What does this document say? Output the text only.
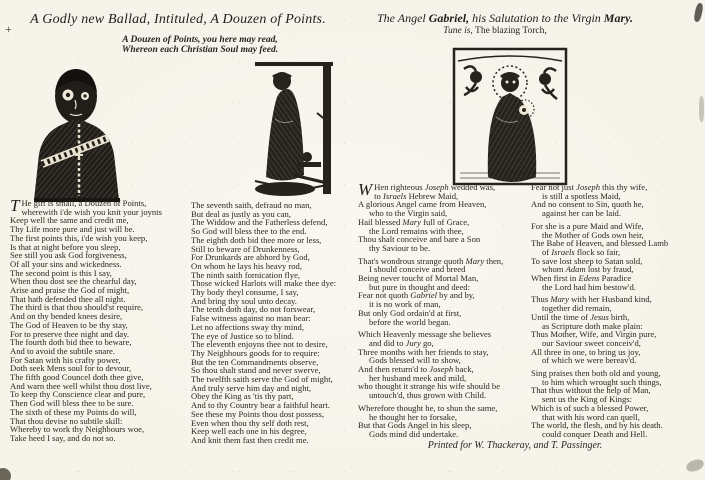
+
A Godly new Ballad, Intituled, A Douzen of Points.
A Douzen of Points, you here may read,
Whereon each Christian Soul may feed.
The Angel Gabriel, his Salutation to the Virgin Mary.
Tune is, The blazing Torch,
T He gift is small, a Douzen of Points,
wherewith i'de wish you knit your joynts
Keep well the same and credit me,
Thy Life more pure and just will be.
The first points this, i'de wish you keep,
Is that at night before you sleep,
See still you ask God forgiveness,
Of all your sins and wickedness.
The second point is this I say,
When thou dost see the chearful day,
Arise and praise the God of might,
That hath defended thee all night.
The third is that thou should'st require,
And on thy bended knees desire,
The God of Heaven to be thy stay,
For to preserve thee night and day.
The fourth doth bid thee to beware,
And to avoid the subtile snare.
For Satan with his crafty power,
Doth seek Mens soul for to devour,
The fifth good Councel doth thee give,
And warn thee well whilst thou dost live,
To keep thy Conscience clear and pure,
Then God will bless thee to be sure.
The sixth of these my Points do will,
That thou devise no subtile skill:
Whereby to work thy Neighbours woe,
Take heed I say, and do not so.
The seventh saith, defraud no man,
But deal as justly as you can,
The Widdow and the Fatherless defend,
So God will bless thee to the end.
The eighth doth bid thee more or less,
Still to beware of Drunkenness,
For Drunkards are abhord by God,
On whom he lays his heavy rod,
The ninth saith fornication flye,
Those wicked Harlots will make thee dye:
Thy body theyl consume, I say,
And bring thy soul unto decay.
The tenth doth day, do not forswear,
False witness against no man bear:
Let no affections sway thy mind,
The eye of Justice so to blind.
The eleventh enjoyns thee not to desire,
Thy Neighbours goods for to require:
But the ten Commandments observe,
So thou shalt stand and never swerve,
The twelfth saith serve the God of might,
And truly serve him day and night,
Obey the King as 'tis thy part,
And to thy Country bear a faithful heart.
See these my Points thou dost possess,
Even when thou thy self doth rest,
Keep well each one in his degree,
And knit them fast then credit me.
W Hen righteous Joseph wedded was,
to Israels Hebrew Maid,
A glorious Angel came from Heaven,
who to the Virgin said,
Hail blessed Mary full of Grace,
the Lord remains with thee,
Thou shalt conceive and bare a Son
thy Saviour to be.
That's wondrous strange quoth Mary then,
I should conceive and breed
Being never toucht of Mortal Man,
but pure in thought and deed:
Fear not quoth Gabriel by and by,
it is no work of man,
But only God ordain'd at first,
before the world began.
Which Heavenly message she believes
and did to Jury go,
Three months with her friends to stay,
Gods blessed will to show,
And then return'd to Joseph back,
her husband meek and mild,
who thought it strange his wife should be
untouch'd, thus grown with Child.
Wherefore thought he, to shun the same,
he thought her to forsake,
But that Gods Angel in his sleep,
Gods mind did undertake.
Fear not just Joseph this thy wife,
is still a spotless Maid,
And no consent to Sin, quoth he,
against her can be laid.
For she is a pure Maid and Wife,
the Mother of Gods own heir,
The Babe of Heaven, and blessed Lamb
of Israels flock so fair,
To save lost sheep to Satan sold,
whom Adam lost by fraud,
When first in Edens Paradice
the Lord had him bestow'd.
Thus Mary with her Husband kind,
together did remain,
Until the time of Jesus birth,
as Scripture doth make plain:
Thus Mother, Wife, and Virgin pure,
our Saviour sweet conceiv'd,
All three in one, to bring us joy,
of which we were bereav'd.
Sing praises then both old and young,
to him which wrought such things,
That thus without the help of Man,
sent us the King of Kings:
Which is of such a blessed Power,
that with his word can quell,
The world, the flesh, and by his death.
could conquer Death and Hell.
Printed for W. Thackeray, and T. Passinger.
